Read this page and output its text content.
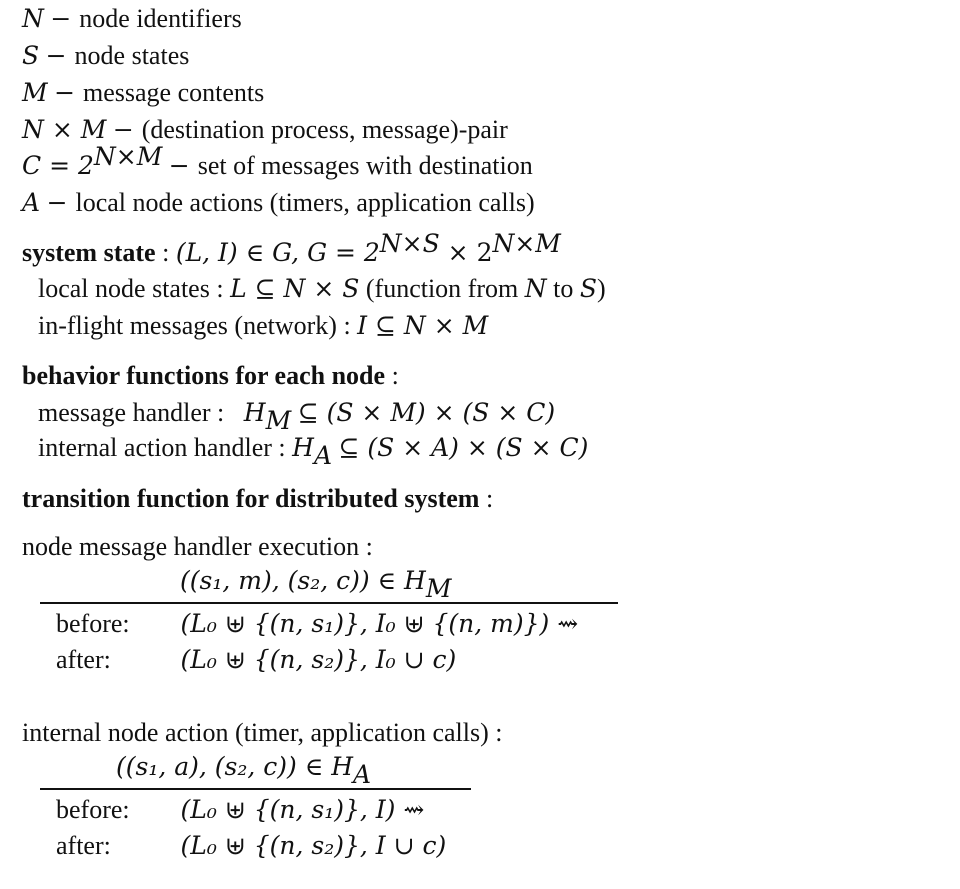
N − node identifiers
S − node states
M − message contents
N × M − (destination process, message)-pair
$C = 2^{N\times M}$ − set of messages with destination
A − local node actions (timers, application calls)
system state : (L, I) ∈ G, $G = 2^{N\times S} \times 2^{N\times M}$
local node states : L ⊆ N × S (function from N to S)
in-flight messages (network) : I ⊆ N × M
behavior functions for each node :
message handler :   $H_M$ ⊆ (S × M) × (S × C)
internal action handler : $H_A$ ⊆ (S × A) × (S × C)
transition function for distributed system :
node message handler execution :
((s₁, m), (s₂, c)) ∈ $H_M$
before: (L₀ ⊎ {(n, s₁)}, I₀ ⊎ {(n, m)}) ⇝
after:	(L₀ ⊎ {(n, s₂)}, I₀ ∪ c)
internal node action (timer, application calls) :
((s₁, a), (s₂, c)) ∈ $H_A$
before: (L₀ ⊎ {(n, s₁)}, I) ⇝
after:	(L₀ ⊎ {(n, s₂)}, I ∪ c)
